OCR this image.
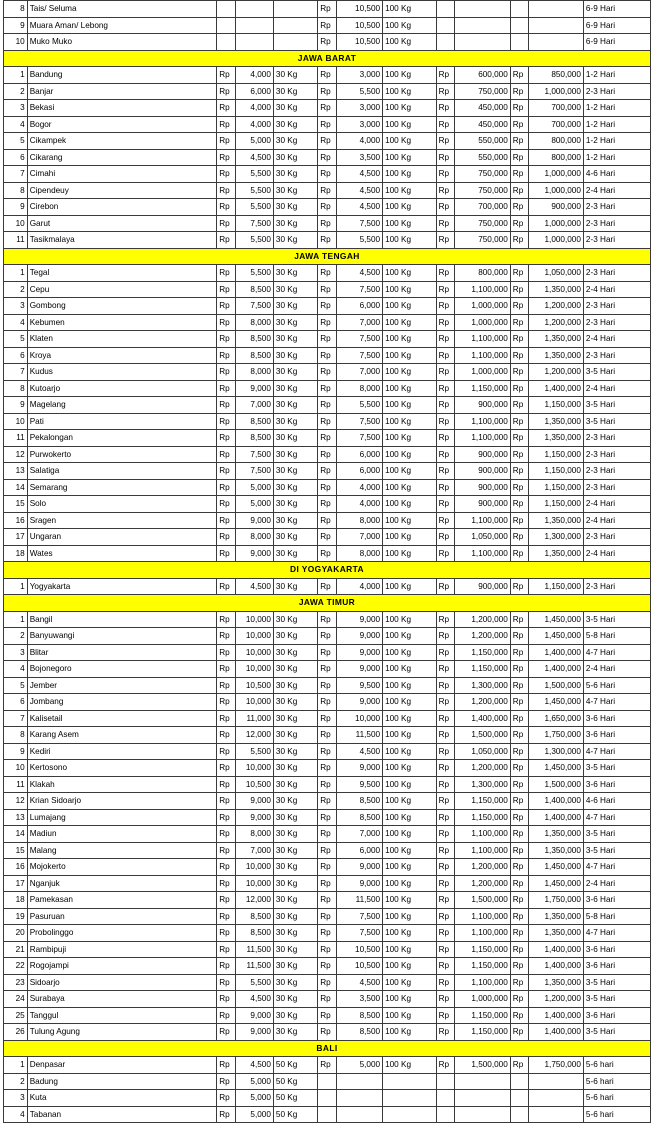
8	Tais/ Seluma				Rp	10,500	100 Kg					6-9 Hari
9	Muara Aman/ Lebong				Rp	10,500	100 Kg					6-9 Hari
10	Muko Muko				Rp	10,500	100 Kg					6-9 Hari
JAWA BARAT												
1	Bandung	Rp	4,000	30 Kg	Rp	3,000	100 Kg	Rp	600,000	Rp	850,000	1-2 Hari
2	Banjar	Rp	6,000	30 Kg	Rp	5,500	100 Kg	Rp	750,000	Rp	1,000,000	2-3 Hari
3	Bekasi	Rp	4,000	30 Kg	Rp	3,000	100 Kg	Rp	450,000	Rp	700,000	1-2 Hari
4	Bogor	Rp	4,000	30 Kg	Rp	3,000	100 Kg	Rp	450,000	Rp	700,000	1-2 Hari
5	Cikampek	Rp	5,000	30 Kg	Rp	4,000	100 Kg	Rp	550,000	Rp	800,000	1-2 Hari
6	Cikarang	Rp	4,500	30 Kg	Rp	3,500	100 Kg	Rp	550,000	Rp	800,000	1-2 Hari
7	Cimahi	Rp	5,500	30 Kg	Rp	4,500	100 Kg	Rp	750,000	Rp	1,000,000	4-6 Hari
8	Cipendeuy	Rp	5,500	30 Kg	Rp	4,500	100 Kg	Rp	750,000	Rp	1,000,000	2-4 Hari
9	Cirebon	Rp	5,500	30 Kg	Rp	4,500	100 Kg	Rp	700,000	Rp	900,000	2-3 Hari
10	Garut	Rp	7,500	30 Kg	Rp	7,500	100 Kg	Rp	750,000	Rp	1,000,000	2-3 Hari
11	Tasikmalaya	Rp	5,500	30 Kg	Rp	5,500	100 Kg	Rp	750,000	Rp	1,000,000	2-3 Hari
JAWA TENGAH												
1	Tegal	Rp	5,500	30 Kg	Rp	4,500	100 Kg	Rp	800,000	Rp	1,050,000	2-3 Hari
2	Cepu	Rp	8,500	30 Kg	Rp	7,500	100 Kg	Rp	1,100,000	Rp	1,350,000	2-4 Hari
3	Gombong	Rp	7,500	30 Kg	Rp	6,000	100 Kg	Rp	1,000,000	Rp	1,200,000	2-3 Hari
4	Kebumen	Rp	8,000	30 Kg	Rp	7,000	100 Kg	Rp	1,000,000	Rp	1,200,000	2-3 Hari
5	Klaten	Rp	8,500	30 Kg	Rp	7,500	100 Kg	Rp	1,100,000	Rp	1,350,000	2-4 Hari
6	Kroya	Rp	8,500	30 Kg	Rp	7,500	100 Kg	Rp	1,100,000	Rp	1,350,000	2-3 Hari
7	Kudus	Rp	8,000	30 Kg	Rp	7,000	100 Kg	Rp	1,000,000	Rp	1,200,000	3-5 Hari
8	Kutoarjo	Rp	9,000	30 Kg	Rp	8,000	100 Kg	Rp	1,150,000	Rp	1,400,000	2-4 Hari
9	Magelang	Rp	7,000	30 Kg	Rp	5,500	100 Kg	Rp	900,000	Rp	1,150,000	3-5 Hari
10	Pati	Rp	8,500	30 Kg	Rp	7,500	100 Kg	Rp	1,100,000	Rp	1,350,000	3-5 Hari
11	Pekalongan	Rp	8,500	30 Kg	Rp	7,500	100 Kg	Rp	1,100,000	Rp	1,350,000	2-3 Hari
12	Purwokerto	Rp	7,500	30 Kg	Rp	6,000	100 Kg	Rp	900,000	Rp	1,150,000	2-3 Hari
13	Salatiga	Rp	7,500	30 Kg	Rp	6,000	100 Kg	Rp	900,000	Rp	1,150,000	2-3 Hari
14	Semarang	Rp	5,000	30 Kg	Rp	4,000	100 Kg	Rp	900,000	Rp	1,150,000	2-3 Hari
15	Solo	Rp	5,000	30 Kg	Rp	4,000	100 Kg	Rp	900,000	Rp	1,150,000	2-4 Hari
16	Sragen	Rp	9,000	30 Kg	Rp	8,000	100 Kg	Rp	1,100,000	Rp	1,350,000	2-4 Hari
17	Ungaran	Rp	8,000	30 Kg	Rp	7,000	100 Kg	Rp	1,050,000	Rp	1,300,000	2-3 Hari
18	Wates	Rp	9,000	30 Kg	Rp	8,000	100 Kg	Rp	1,100,000	Rp	1,350,000	2-4 Hari
DI YOGYAKARTA												
1	Yogyakarta	Rp	4,500	30 Kg	Rp	4,000	100 Kg	Rp	900,000	Rp	1,150,000	2-3 Hari
JAWA TIMUR												
1	Bangil	Rp	10,000	30 Kg	Rp	9,000	100 Kg	Rp	1,200,000	Rp	1,450,000	3-5 Hari
2	Banyuwangi	Rp	10,000	30 Kg	Rp	9,000	100 Kg	Rp	1,200,000	Rp	1,450,000	5-8 Hari
3	Blitar	Rp	10,000	30 Kg	Rp	9,000	100 Kg	Rp	1,150,000	Rp	1,400,000	4-7 Hari
4	Bojonegoro	Rp	10,000	30 Kg	Rp	9,000	100 Kg	Rp	1,150,000	Rp	1,400,000	2-4 Hari
5	Jember	Rp	10,500	30 Kg	Rp	9,500	100 Kg	Rp	1,300,000	Rp	1,500,000	5-6 Hari
6	Jombang	Rp	10,000	30 Kg	Rp	9,000	100 Kg	Rp	1,200,000	Rp	1,450,000	4-7 Hari
7	Kalisetail	Rp	11,000	30 Kg	Rp	10,000	100 Kg	Rp	1,400,000	Rp	1,650,000	3-6 Hari
8	Karang Asem	Rp	12,000	30 Kg	Rp	11,500	100 Kg	Rp	1,500,000	Rp	1,750,000	3-6 Hari
9	Kediri	Rp	5,500	30 Kg	Rp	4,500	100 Kg	Rp	1,050,000	Rp	1,300,000	4-7 Hari
10	Kertosono	Rp	10,000	30 Kg	Rp	9,000	100 Kg	Rp	1,200,000	Rp	1,450,000	3-5 Hari
11	Klakah	Rp	10,500	30 Kg	Rp	9,500	100 Kg	Rp	1,300,000	Rp	1,500,000	3-6 Hari
12	Krian Sidoarjo	Rp	9,000	30 Kg	Rp	8,500	100 Kg	Rp	1,150,000	Rp	1,400,000	4-6 Hari
13	Lumajang	Rp	9,000	30 Kg	Rp	8,500	100 Kg	Rp	1,150,000	Rp	1,400,000	4-7 Hari
14	Madiun	Rp	8,000	30 Kg	Rp	7,000	100 Kg	Rp	1,100,000	Rp	1,350,000	3-5 Hari
15	Malang	Rp	7,000	30 Kg	Rp	6,000	100 Kg	Rp	1,100,000	Rp	1,350,000	3-5 Hari
16	Mojokerto	Rp	10,000	30 Kg	Rp	9,000	100 Kg	Rp	1,200,000	Rp	1,450,000	4-7 Hari
17	Nganjuk	Rp	10,000	30 Kg	Rp	9,000	100 Kg	Rp	1,200,000	Rp	1,450,000	2-4 Hari
18	Pamekasan	Rp	12,000	30 Kg	Rp	11,500	100 Kg	Rp	1,500,000	Rp	1,750,000	3-6 Hari
19	Pasuruan	Rp	8,500	30 Kg	Rp	7,500	100 Kg	Rp	1,100,000	Rp	1,350,000	5-8 Hari
20	Probolinggo	Rp	8,500	30 Kg	Rp	7,500	100 Kg	Rp	1,100,000	Rp	1,350,000	4-7 Hari
21	Rambipuji	Rp	11,500	30 Kg	Rp	10,500	100 Kg	Rp	1,150,000	Rp	1,400,000	3-6 Hari
22	Rogojampi	Rp	11,500	30 Kg	Rp	10,500	100 Kg	Rp	1,150,000	Rp	1,400,000	3-6 Hari
23	Sidoarjo	Rp	5,500	30 Kg	Rp	4,500	100 Kg	Rp	1,100,000	Rp	1,350,000	3-5 Hari
24	Surabaya	Rp	4,500	30 Kg	Rp	3,500	100 Kg	Rp	1,000,000	Rp	1,200,000	3-5 Hari
25	Tanggul	Rp	9,000	30 Kg	Rp	8,500	100 Kg	Rp	1,150,000	Rp	1,400,000	3-6 Hari
26	Tulung Agung	Rp	9,000	30 Kg	Rp	8,500	100 Kg	Rp	1,150,000	Rp	1,400,000	3-5 Hari
BALI												
1	Denpasar	Rp	4,500	50 Kg	Rp	5,000	100 Kg	Rp	1,500,000	Rp	1,750,000	5-6 hari
2	Badung	Rp	5,000	50 Kg								5-6 hari
3	Kuta	Rp	5,000	50 Kg								5-6 hari
4	Tabanan	Rp	5,000	50 Kg								5-6 hari
